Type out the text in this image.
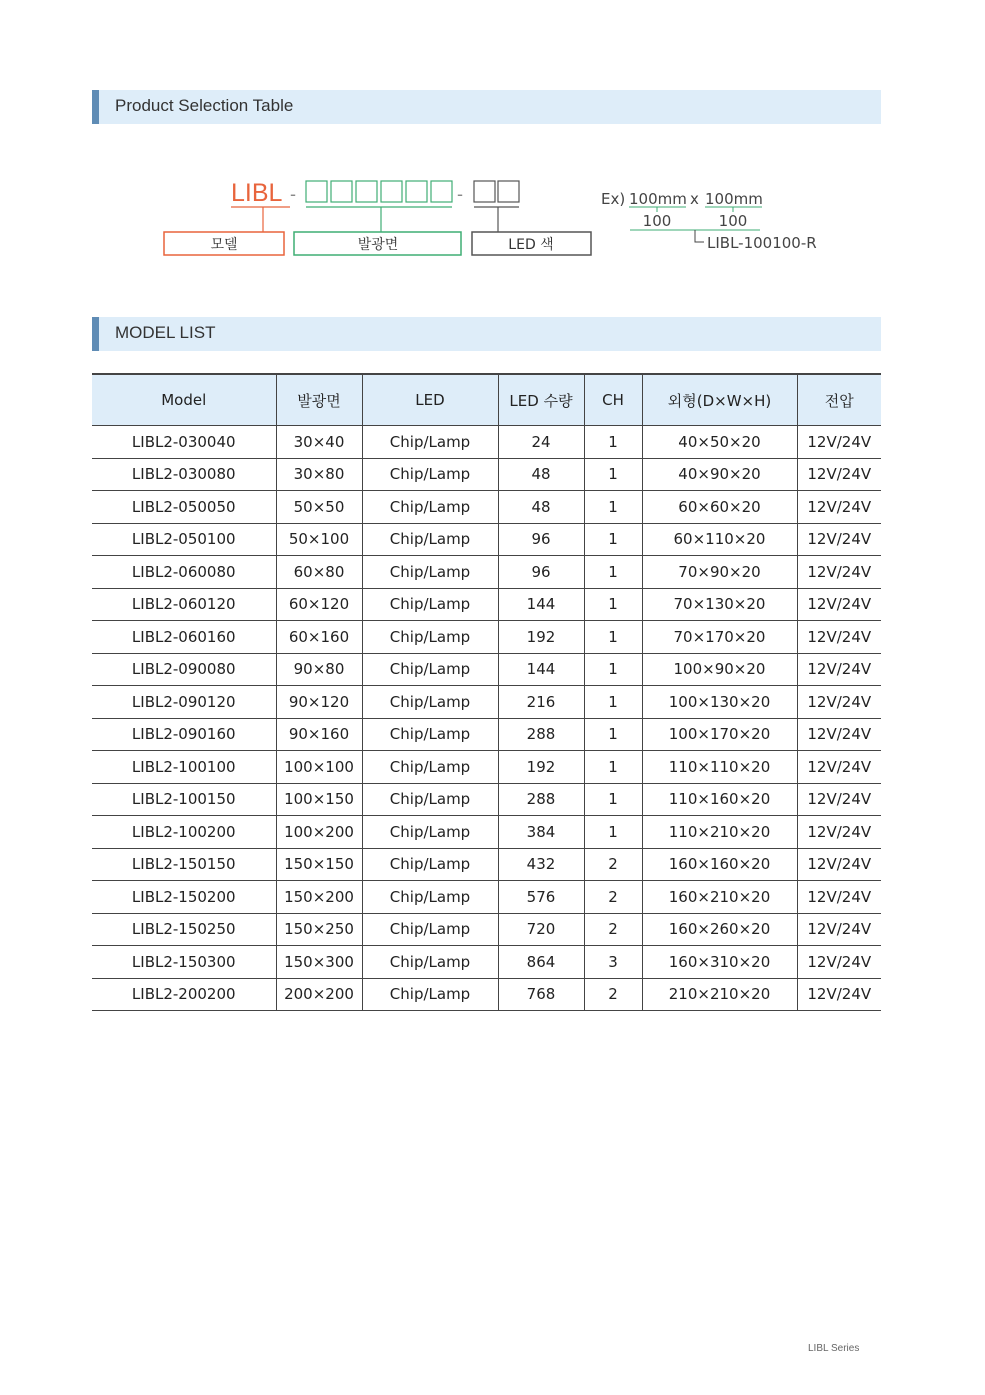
Product Selection Table
LIBL -	-
모델	발광면	LED 색
Ex) 100mm x 100mm
100	100
LIBL-100100-R
MODEL LIST
Model	발광면	LED	LED 수량	CH	외형(D×W×H)	전압
LIBL2-030040	30×40	Chip/Lamp	24	1	40×50×20	12V/24V
LIBL2-030080	30×80	Chip/Lamp	48	1	40×90×20	12V/24V
LIBL2-050050	50×50	Chip/Lamp	48	1	60×60×20	12V/24V
LIBL2-050100	50×100	Chip/Lamp	96	1	60×110×20	12V/24V
LIBL2-060080	60×80	Chip/Lamp	96	1	70×90×20	12V/24V
LIBL2-060120	60×120	Chip/Lamp	144	1	70×130×20	12V/24V
LIBL2-060160	60×160	Chip/Lamp	192	1	70×170×20	12V/24V
LIBL2-090080	90×80	Chip/Lamp	144	1	100×90×20	12V/24V
LIBL2-090120	90×120	Chip/Lamp	216	1	100×130×20	12V/24V
LIBL2-090160	90×160	Chip/Lamp	288	1	100×170×20	12V/24V
LIBL2-100100	100×100	Chip/Lamp	192	1	110×110×20	12V/24V
LIBL2-100150	100×150	Chip/Lamp	288	1	110×160×20	12V/24V
LIBL2-100200	100×200	Chip/Lamp	384	1	110×210×20	12V/24V
LIBL2-150150	150×150	Chip/Lamp	432	2	160×160×20	12V/24V
LIBL2-150200	150×200	Chip/Lamp	576	2	160×210×20	12V/24V
LIBL2-150250	150×250	Chip/Lamp	720	2	160×260×20	12V/24V
LIBL2-150300	150×300	Chip/Lamp	864	3	160×310×20	12V/24V
LIBL2-200200	200×200	Chip/Lamp	768	2	210×210×20	12V/24V
LIBL Series
